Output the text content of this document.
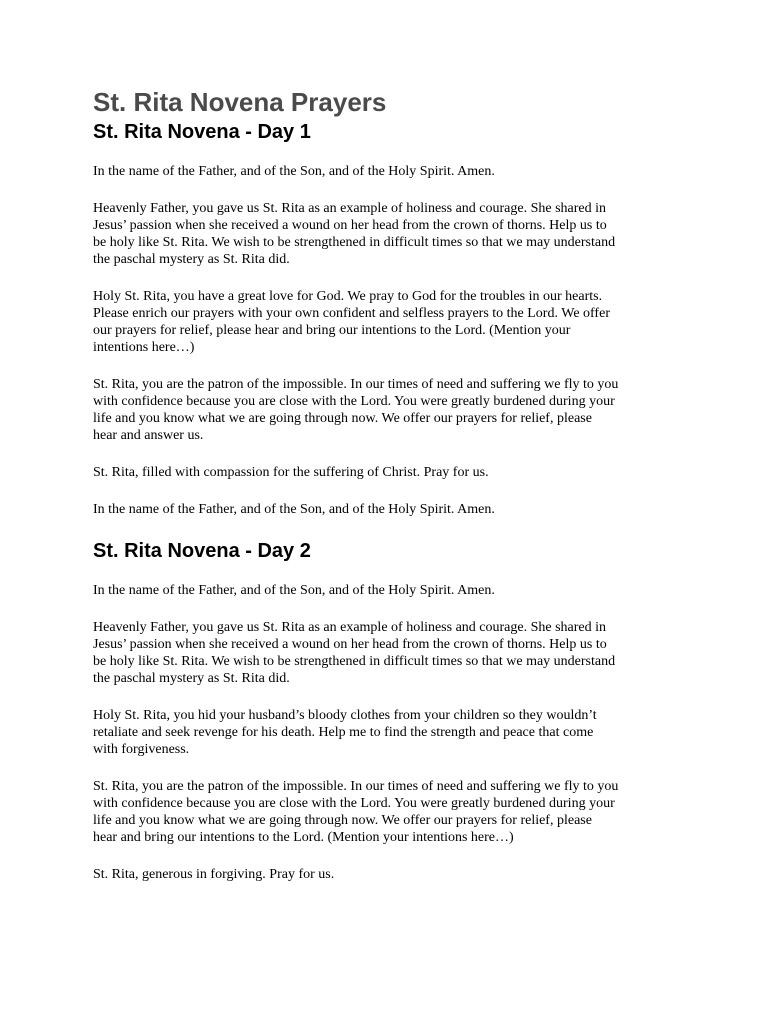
St. Rita Novena Prayers
St. Rita Novena - Day 1

In the name of the Father, and of the Son, and of the Holy Spirit. Amen.

Heavenly Father, you gave us St. Rita as an example of holiness and courage. She shared in
Jesus’ passion when she received a wound on her head from the crown of thorns. Help us to
be holy like St. Rita. We wish to be strengthened in difficult times so that we may understand
the paschal mystery as St. Rita did.

Holy St. Rita, you have a great love for God. We pray to God for the troubles in our hearts.
Please enrich our prayers with your own confident and selfless prayers to the Lord. We offer
our prayers for relief, please hear and bring our intentions to the Lord. (Mention your
intentions here…)

St. Rita, you are the patron of the impossible. In our times of need and suffering we fly to you
with confidence because you are close with the Lord. You were greatly burdened during your
life and you know what we are going through now. We offer our prayers for relief, please
hear and answer us.

St. Rita, filled with compassion for the suffering of Christ. Pray for us.

In the name of the Father, and of the Son, and of the Holy Spirit. Amen.

St. Rita Novena - Day 2

In the name of the Father, and of the Son, and of the Holy Spirit. Amen.

Heavenly Father, you gave us St. Rita as an example of holiness and courage. She shared in
Jesus’ passion when she received a wound on her head from the crown of thorns. Help us to
be holy like St. Rita. We wish to be strengthened in difficult times so that we may understand
the paschal mystery as St. Rita did.

Holy St. Rita, you hid your husband’s bloody clothes from your children so they wouldn’t
retaliate and seek revenge for his death. Help me to find the strength and peace that come
with forgiveness.

St. Rita, you are the patron of the impossible. In our times of need and suffering we fly to you
with confidence because you are close with the Lord. You were greatly burdened during your
life and you know what we are going through now. We offer our prayers for relief, please
hear and bring our intentions to the Lord. (Mention your intentions here…)

St. Rita, generous in forgiving. Pray for us.
